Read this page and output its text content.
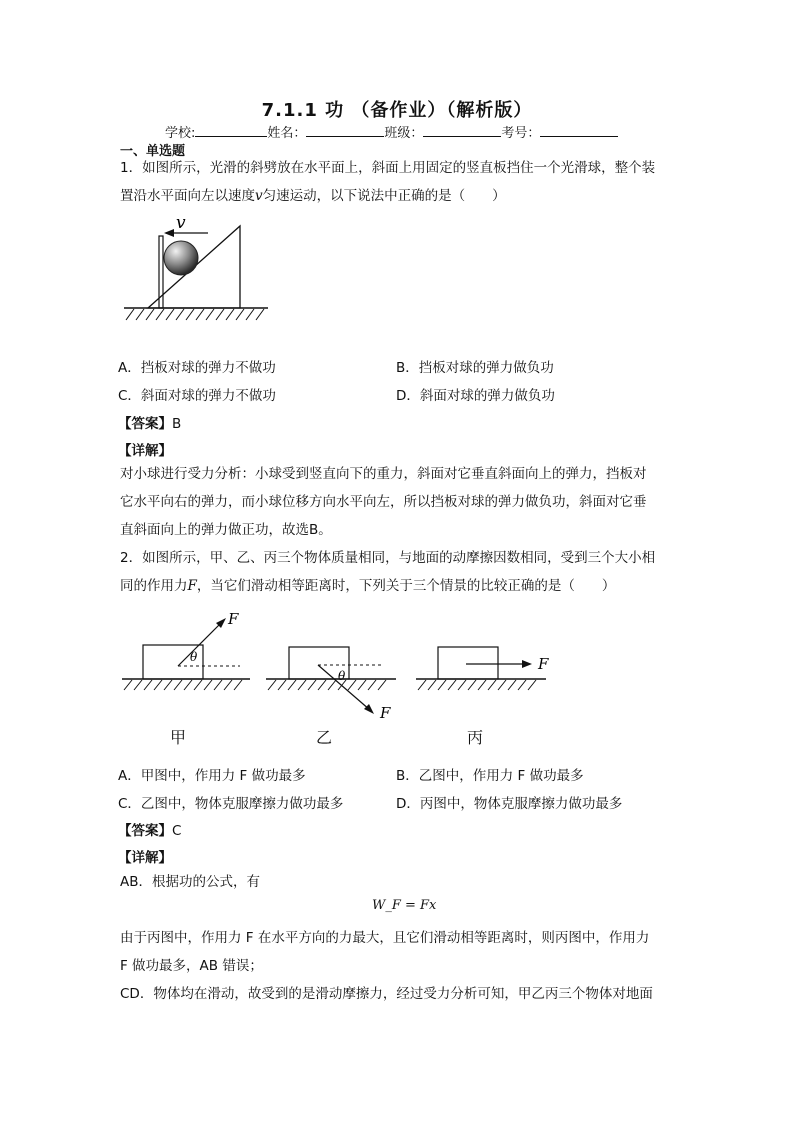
7.1.1 功 （备作业）（解析版）
学校:	姓名：	班级：	考号：
一、单选题
1．如图所示，光滑的斜劈放在水平面上，斜面上用固定的竖直板挡住一个光滑球，整个装
置沿水平面向左以速度v匀速运动，以下说法中正确的是（　　）
v
A．挡板对球的弹力不做功	B．挡板对球的弹力做负功
C．斜面对球的弹力不做功	D．斜面对球的弹力做负功
【答案】B
【详解】
对小球进行受力分析：小球受到竖直向下的重力，斜面对它垂直斜面向上的弹力，挡板对
它水平向右的弹力，而小球位移方向水平向左，所以挡板对球的弹力做负功，斜面对它垂
直斜面向上的弹力做正功，故选B。
2．如图所示，甲、乙、丙三个物体质量相同，与地面的动摩擦因数相同，受到三个大小相
同的作用力F，当它们滑动相等距离时，下列关于三个情景的比较正确的是（　　）
F
θ
F
θ
F
甲	乙	丙
A．甲图中，作用力 F 做功最多	B．乙图中，作用力 F 做功最多
C．乙图中，物体克服摩擦力做功最多	D．丙图中，物体克服摩擦力做功最多
【答案】C
【详解】
AB．根据功的公式，有
W_F = Fx
由于丙图中，作用力 F 在水平方向的力最大，且它们滑动相等距离时，则丙图中，作用力
F 做功最多，AB 错误；
CD．物体均在滑动，故受到的是滑动摩擦力，经过受力分析可知，甲乙丙三个物体对地面
